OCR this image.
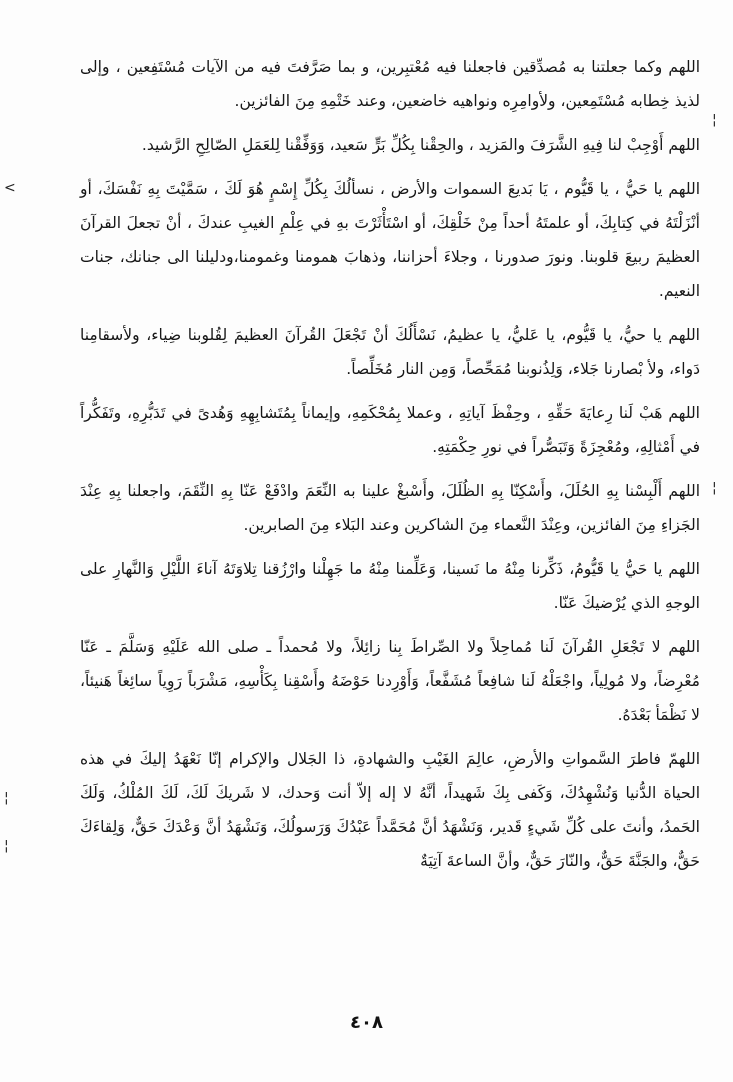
¦
<
¦
¦
¦

اللهم وكما جعلتنا به مُصدِّقين فاجعلنا فيه مُعْتبِرين، و بما صَرَّفتَ فيه من الآيات مُسْتَفِعين ، وإلى لذيذ خِطابه مُسْتَمِعين، ولأوامِرِه ونواهيه خاضعين، وعند خَتْمِهِ مِنَ الفائزين.

اللهم أَوْجِبْ لنا فِيهِ الشَّرَفَ والمَزيد ، والحِقْنا بِكُلِّ بَرٍّ سَعيد، وَوَفِّقْنا لِلعَمَلِ الصّالِحِ الرَّشيد.

اللهم يا حَيُّ ، يا قَيُّوم ، يَا بَديعَ السموات والأرض ، نسألُكَ بِكُلِّ إِسْمٍ هُوَ لَكَ ، سَمَّيْتَ بِهِ نَفْسَكَ، أو أنْزَلْتَهُ في كِتابِكَ، أو علمتَهُ أحداً مِنْ خَلْقِكَ، أو اسْتَأْثَرْتَ بهِ في عِلْمِ الغيبِ عندكَ ، أنْ تجعلَ القرآنَ العظيمَ ربيعَ قلوبنا. ونورَ صدورنا ، وجلاءَ أحزاننا، وذهابَ همومنا وغمومنا،ودليلنا الى جنانك، جنات النعيم.

اللهم يا حيُّ، يا قَيُّوم، يا عَليُّ، يا عظيمُ، نَسْأَلُكَ أنْ تَجْعَلَ القُرآنَ العظيمَ لِقُلوبنا ضِياء، ولأسقامِنا دَواء، ولأ بْصارنا جَلاء، وَلِذُنوبنا مُمَحِّصاً، وَمِن النار مُخَلِّصاً.

اللهم هَبْ لَنا رِعايَةَ حَقِّهِ ، وحِفْظَ آياتِهِ ، وعملا بِمُحْكَمِهِ، وإيماناً بِمُتَشابِهِهِ وَهُدىً في تَدَبُّرِهِ، وتَفَكُّراً في أَمْثالِهِ، ومُعْجِزَةً وَتَبَصُّراً في نورِ حِكْمَتِهِ.

اللهم أَلْبِسْنا بِهِ الحُلَلَ، وأَسْكِنّا بِهِ الظُلَلَ، وأَسْبغْ علينا به النِّعَمَ وادْفَعْ عَنّا بِهِ النِّقَمَ، واجعلنا بِهِ عِنْدَ الجَزاءِ مِنَ الفائزين، وعِنْدَ النَّعماء مِنَ الشاكرين وعند البَلاء مِنَ الصابرين.

اللهم يا حَيُّ يا قَيُّومُ، ذَكِّرنا مِنْهُ ما نَسينا، وَعَلِّمنا مِنْهُ ما جَهِلْنا وارْزُقنا تِلاوَتَهُ آناءَ اللَّيْلِ وَالنَّهارِ على الوجهِ الذي يُرْضيكَ عَنّا.

اللهم لا تَجْعَلِ القُرآنَ لَنا مُماحِلاً ولا الصِّراطَ بِنا زائِلاً، ولا مُحمداً ـ صلى الله عَلَيْهِ وَسَلَّمَ ـ عَنّا مُعْرِضاً، ولا مُولِياً، واجْعَلْهُ لَنا شافِعاً مُشَفَّعاً، وَأَوْرِدنا حَوْضَهُ وأَسْقِنا بِكَأْسِهِ، مَشْرَباً رَوِياً سائِغاً هَنيئاً، لا نَظْمَأ بَعْدَهُ.

اللهمّ فاطرَ السَّمواتِ والأرضِ، عالِمَ الغَيْبِ والشهادةِ، ذا الجَلال والإكرام إنّا نَعْهَدُ إليكَ في هذه الحياة الدُّنيا وَنُشْهِدُكَ، وَكَفى بِكَ شَهيداً، أنَّهُ لا إله إلاّ أنت وَحدك، لا شَريكَ لَكَ، لَكَ المُلْكُ، وَلَكَ الحَمدُ، وأنتَ على كُلِّ شَيءٍ قَدير، وَنَشْهَدُ أنَّ مُحَمَّداً عَبْدُكَ وَرَسولُكَ، وَنَشْهَدُ أنَّ وَعْدَكَ حَقٌّ، وَلِقاءَكَ حَقٌّ، والجَنَّةَ حَقٌّ، والنّارَ حَقٌّ، وأنَّ الساعةَ آتِيَةٌ

٤٠٨
